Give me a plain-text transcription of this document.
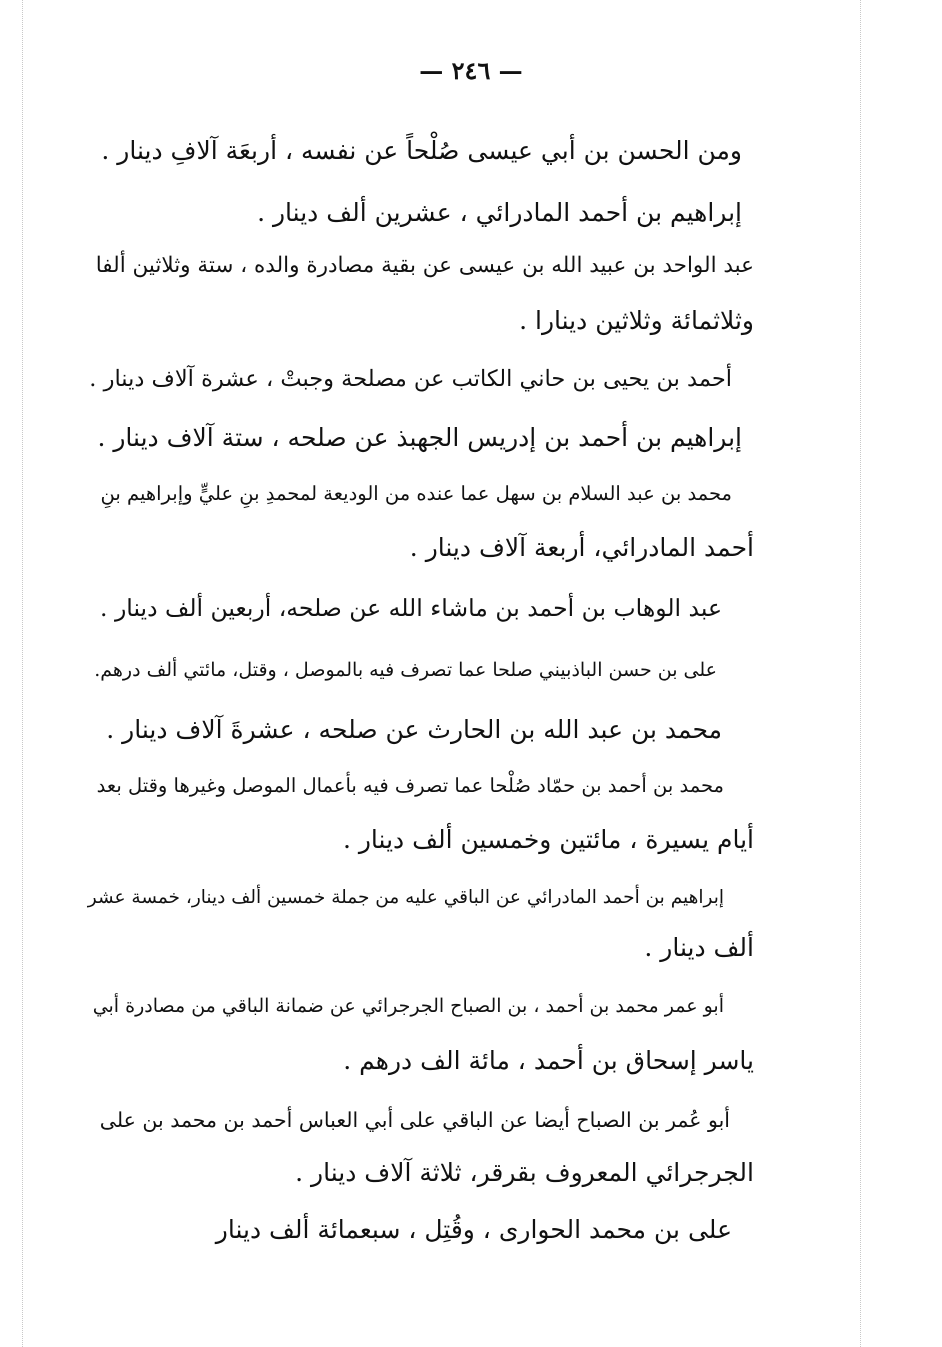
— ٢٤٦ —
ومن الحسن بن أبي عيسى صُلْحاً عن نفسه ، أربعَة آلافِ دينار .
إبراهيم بن أحمد المادرائي ، عشرين ألف دينار .
عبد الواحد بن عبيد الله بن عيسى عن بقية مصادرة والده ، ستة وثلاثين ألفا
وثلاثمائة وثلاثين دينارا .
أحمد بن يحيى بن حاني الكاتب عن مصلحة وجبتْ ، عشرة آلاف دينار .
إبراهيم بن أحمد بن إدريس الجهبذ عن صلحه ، ستة آلاف دينار .
محمد بن عبد السلام بن سهل عما عنده من الوديعة لمحمدِ بنِ عليٍّ وإبراهيم بنِ
أحمد المادرائي، أربعة آلاف دينار .
عبد الوهاب بن أحمد بن ماشاء الله عن صلحه، أربعين ألف دينار .
على بن حسن الباذبيني صلحا عما تصرف فيه بالموصل ، وقتل، مائتي ألف درهم.
محمد بن عبد الله بن الحارث عن صلحه ، عشرةَ آلاف دينار .
محمد بن أحمد بن حمّاد صُلْحا عما تصرف فيه بأعمال الموصل وغيرها وقتل بعد
أيام يسيرة ، مائتين وخمسين ألف دينار .
إبراهيم بن أحمد المادرائي عن الباقي عليه من جملة خمسين ألف دينار، خمسة عشر
ألف دينار .
أبو عمر محمد بن أحمد ، بن الصباح الجرجرائي عن ضمانة الباقي من مصادرة أبي
ياسر إسحاق بن أحمد ، مائة الف درهم .
أبو عُمر بن الصباح أيضا عن الباقي على أبي العباس أحمد بن محمد بن على
الجرجرائي المعروف بقرقر، ثلاثة آلاف دينار .
على بن محمد الحوارى ، وقُتِل ، سبعمائة ألف دينار
